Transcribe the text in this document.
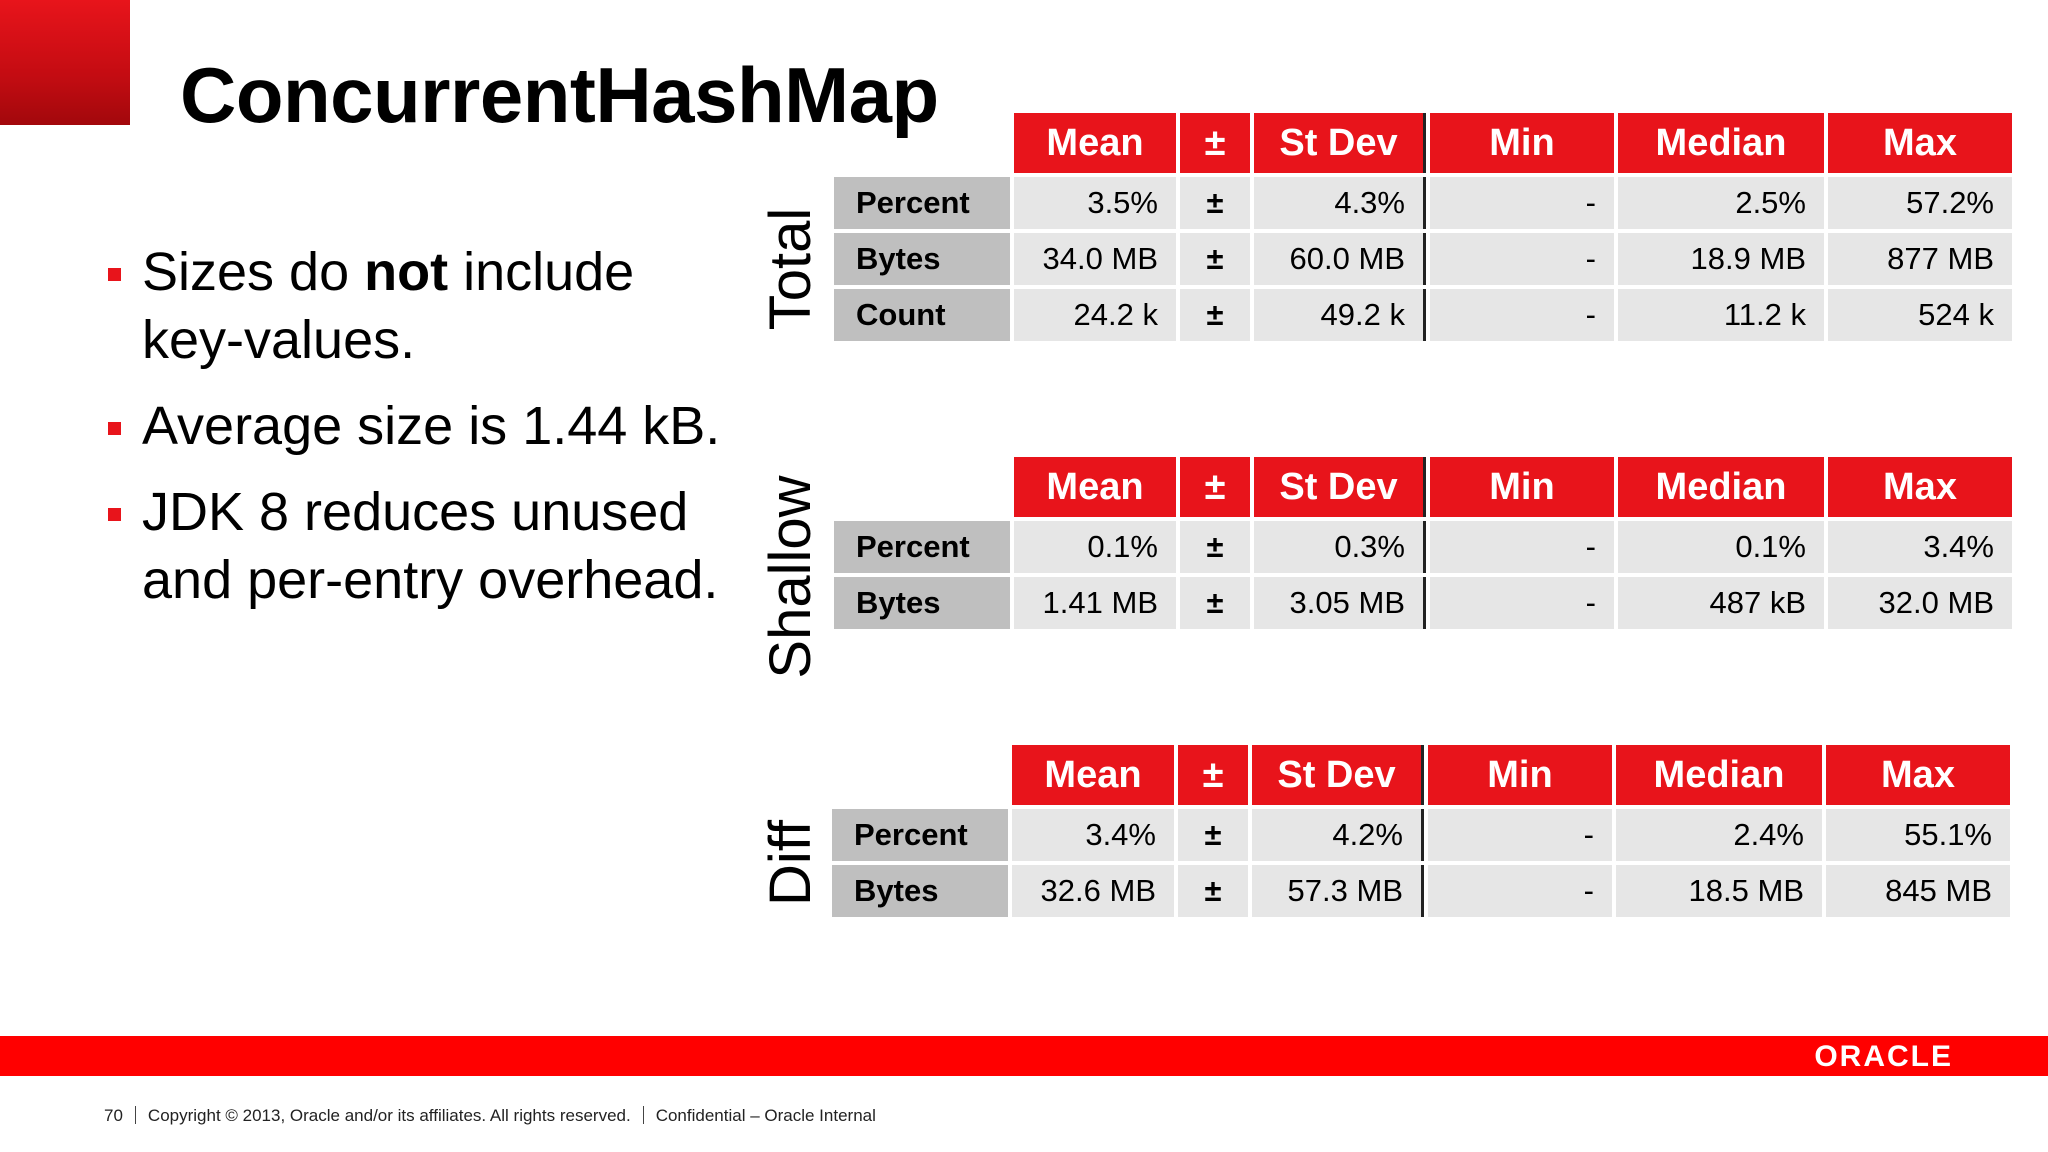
ConcurrentHashMap
Sizes do not include key-values.
Average size is 1.44 kB.
JDK 8 reduces unused and per-entry overhead.
Total
	Mean	±	St Dev	Min	Median	Max
Percent	3.5%	±	4.3%	-	2.5%	57.2%
Bytes	34.0 MB	±	60.0 MB	-	18.9 MB	877 MB
Count	24.2 k	±	49.2 k	-	11.2 k	524 k
Shallow
		Mean	±	St Dev	Min	Median	Max
Percent	0.1%	±	0.3%	-	0.1%	3.4%
Bytes	1.41 MB	±	3.05 MB	-	487 kB	32.0 MB
Diff
	Mean	±	St Dev	Min	Median	Max
Percent	3.4%	±	4.2%	-	2.4%	55.1%
Bytes	32.6 MB	±	57.3 MB	-	18.5 MB	845 MB
ORACLE
70 Copyright © 2013, Oracle and/or its affiliates. All rights reserved. Confidential – Oracle Internal
